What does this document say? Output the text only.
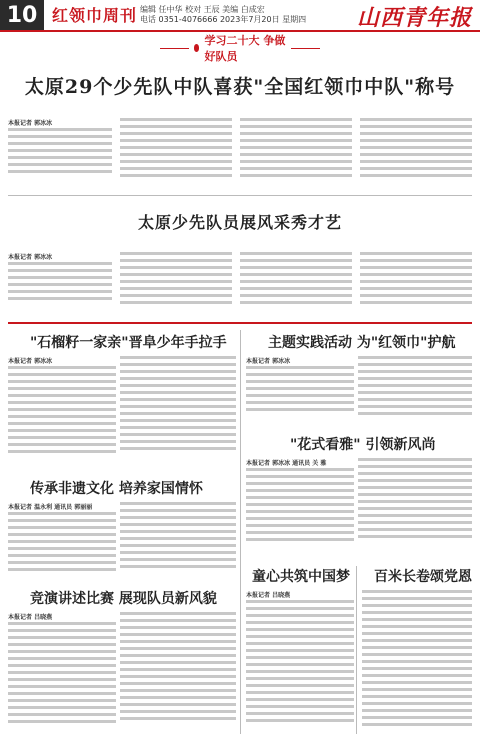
10 红领巾周刊 编辑 任中华 校对 王辰 美编 白成宏
电话 0351-4076666 2023年7月20日 星期四 山西青年报
学习二十大 争做好队员
太原29个少先队中队喜获"全国红领巾中队"称号
本报记者 郭冰冰
太原少先队员展风采秀才艺
本报记者 郭冰冰
"石榴籽一家亲"晋阜少年手拉手
本报记者 郭冰冰
传承非遗文化 培养家国情怀
本报记者 温永利 通讯员 郭丽丽
竞演讲述比赛 展现队员新风貌
本报记者 吕晓燕
主题实践活动 为"红领巾"护航
本报记者 郭冰冰
"花式看雅" 引领新风尚
本报记者 郭冰冰 通讯员 关 雅
童心共筑中国梦
本报记者 吕晓燕
百米长卷颂党恩
